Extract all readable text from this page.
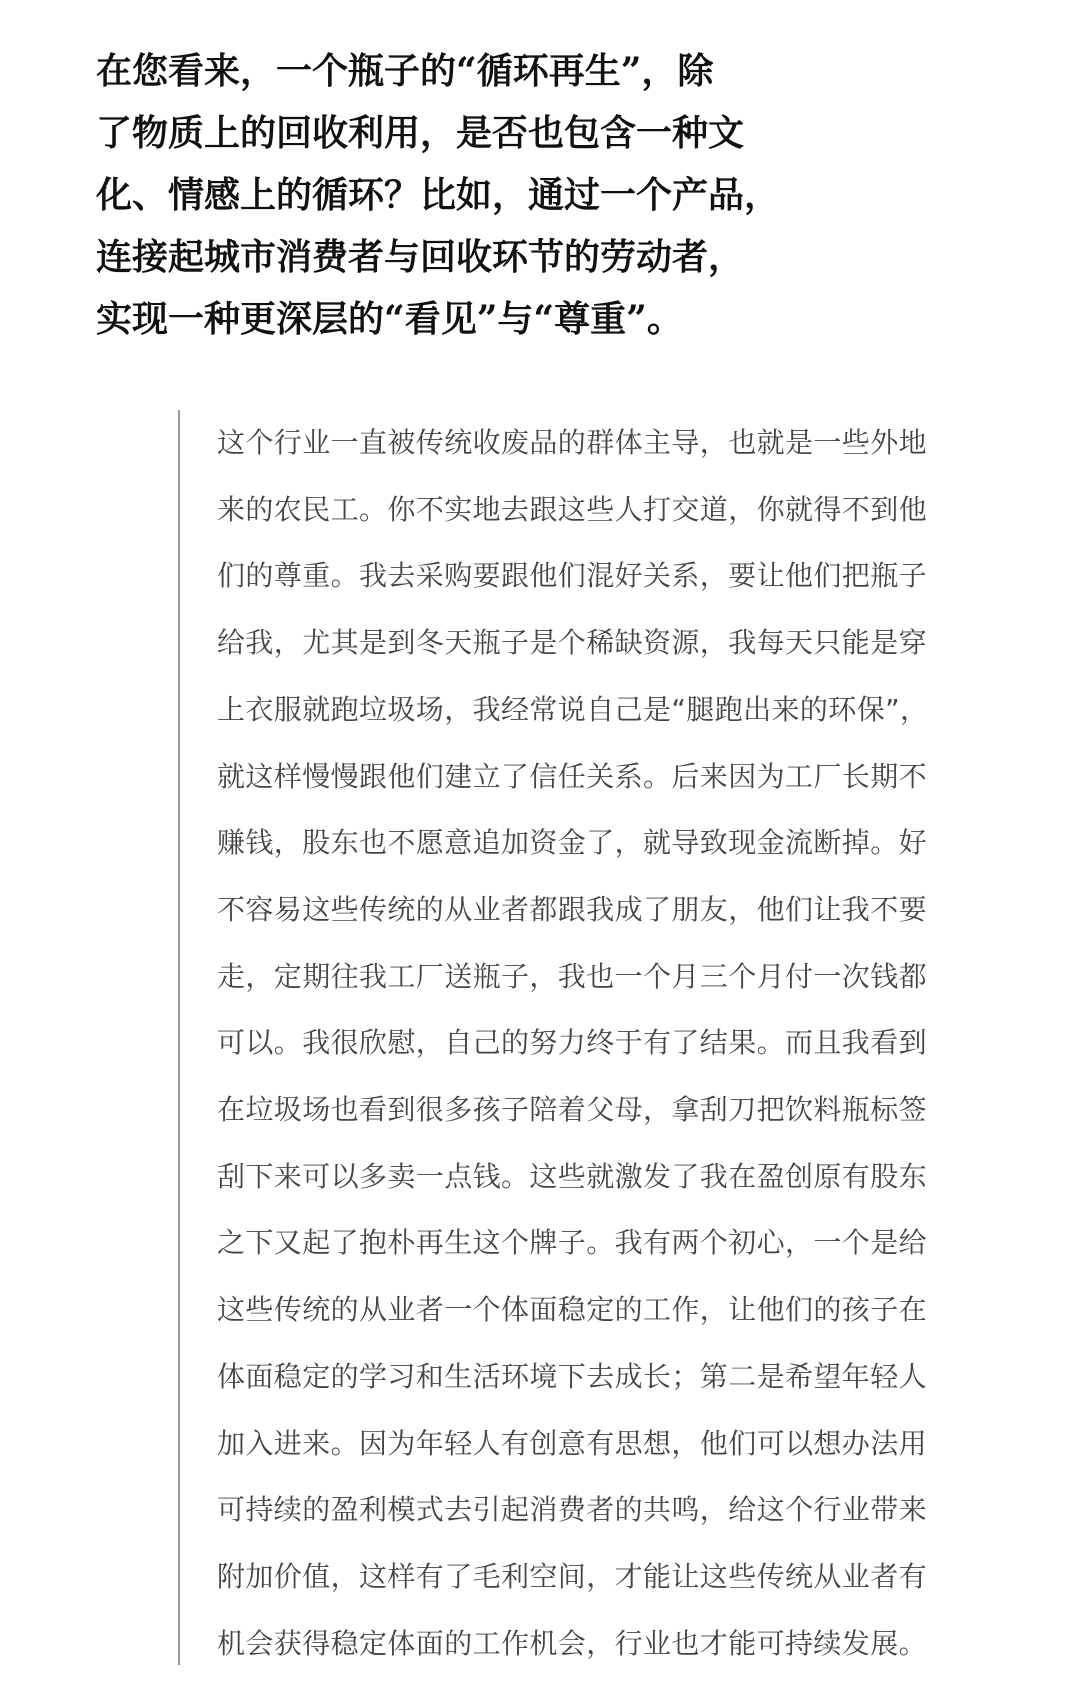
在您看来，一个瓶子的“循环再生”，除
了物质上的回收利用，是否也包含一种文
化、情感上的循环？比如，通过一个产品，
连接起城市消费者与回收环节的劳动者，
实现一种更深层的“看见”与“尊重”。

这个行业一直被传统收废品的群体主导，也就是一些外地
来的农民工。你不实地去跟这些人打交道，你就得不到他
们的尊重。我去采购要跟他们混好关系，要让他们把瓶子
给我，尤其是到冬天瓶子是个稀缺资源，我每天只能是穿
上衣服就跑垃圾场，我经常说自己是“腿跑出来的环保”，
就这样慢慢跟他们建立了信任关系。后来因为工厂长期不
赚钱，股东也不愿意追加资金了，就导致现金流断掉。好
不容易这些传统的从业者都跟我成了朋友，他们让我不要
走，定期往我工厂送瓶子，我也一个月三个月付一次钱都
可以。我很欣慰，自己的努力终于有了结果。而且我看到
在垃圾场也看到很多孩子陪着父母，拿刮刀把饮料瓶标签
刮下来可以多卖一点钱。这些就激发了我在盈创原有股东
之下又起了抱朴再生这个牌子。我有两个初心，一个是给
这些传统的从业者一个体面稳定的工作，让他们的孩子在
体面稳定的学习和生活环境下去成长；第二是希望年轻人
加入进来。因为年轻人有创意有思想，他们可以想办法用
可持续的盈利模式去引起消费者的共鸣，给这个行业带来
附加价值，这样有了毛利空间，才能让这些传统从业者有
机会获得稳定体面的工作机会，行业也才能可持续发展。
